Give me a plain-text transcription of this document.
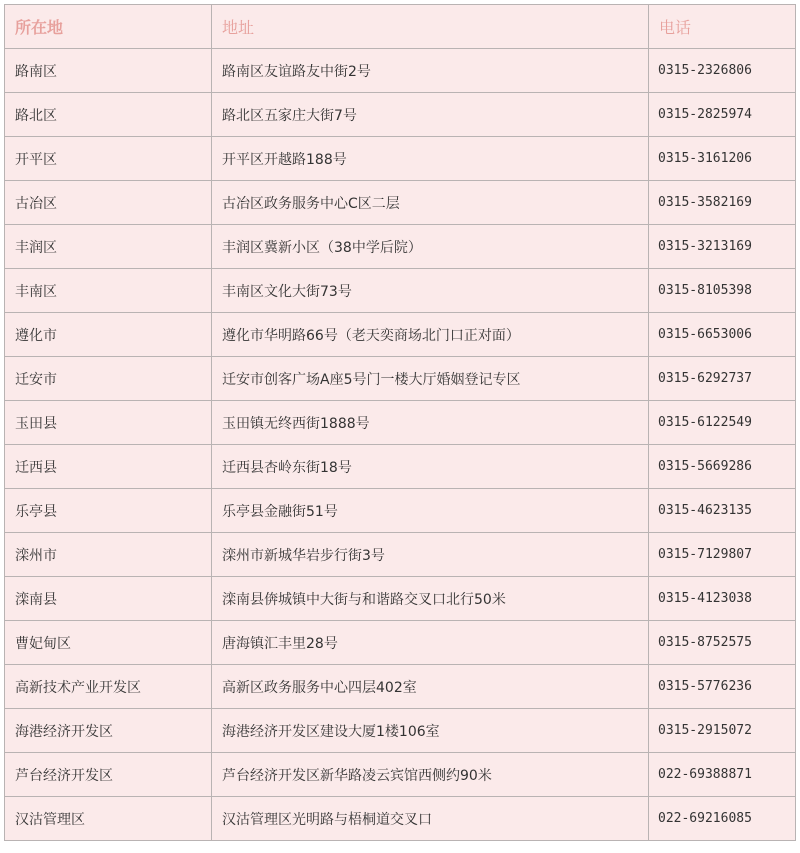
所在地	地址	电话
路南区	路南区友谊路友中街2号	0315-2326806
路北区	路北区五家庄大街7号	0315-2825974
开平区	开平区开越路188号	0315-3161206
古冶区	古冶区政务服务中心C区二层	0315-3582169
丰润区	丰润区冀新小区（38中学后院）	0315-3213169
丰南区	丰南区文化大街73号	0315-8105398
遵化市	遵化市华明路66号（老天奕商场北门口正对面）	0315-6653006
迁安市	迁安市创客广场A座5号门一楼大厅婚姻登记专区	0315-6292737
玉田县	玉田镇无终西街1888号	0315-6122549
迁西县	迁西县杏岭东街18号	0315-5669286
乐亭县	乐亭县金融街51号	0315-4623135
滦州市	滦州市新城华岩步行街3号	0315-7129807
滦南县	滦南县倴城镇中大街与和谐路交叉口北行50米	0315-4123038
曹妃甸区	唐海镇汇丰里28号	0315-8752575
高新技术产业开发区	高新区政务服务中心四层402室	0315-5776236
海港经济开发区	海港经济开发区建设大厦1楼106室	0315-2915072
芦台经济开发区	芦台经济开发区新华路凌云宾馆西侧约90米	022-69388871
汉沽管理区	汉沽管理区光明路与梧桐道交叉口	022-69216085
